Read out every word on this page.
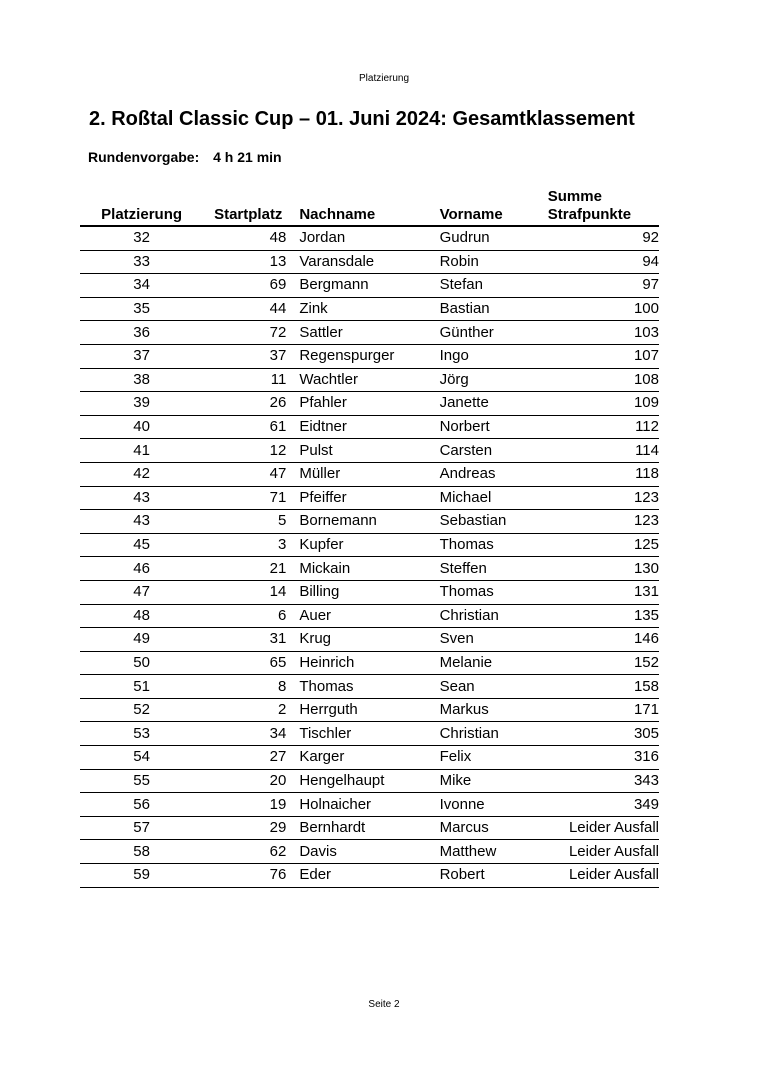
Platzierung
2. Roßtal Classic Cup – 01. Juni 2024: Gesamtklassement
Rundenvorgabe: 4 h 21 min
Platzierung	Startplatz	Nachname	Vorname	Summe
Strafpunkte
32	48	Jordan	Gudrun	92
33	13	Varansdale	Robin	94
34	69	Bergmann	Stefan	97
35	44	Zink	Bastian	100
36	72	Sattler	Günther	103
37	37	Regenspurger	Ingo	107
38	11	Wachtler	Jörg	108
39	26	Pfahler	Janette	109
40	61	Eidtner	Norbert	112
41	12	Pulst	Carsten	114
42	47	Müller	Andreas	118
43	71	Pfeiffer	Michael	123
43	5	Bornemann	Sebastian	123
45	3	Kupfer	Thomas	125
46	21	Mickain	Steffen	130
47	14	Billing	Thomas	131
48	6	Auer	Christian	135
49	31	Krug	Sven	146
50	65	Heinrich	Melanie	152
51	8	Thomas	Sean	158
52	2	Herrguth	Markus	171
53	34	Tischler	Christian	305
54	27	Karger	Felix	316
55	20	Hengelhaupt	Mike	343
56	19	Holnaicher	Ivonne	349
57	29	Bernhardt	Marcus	Leider Ausfall
58	62	Davis	Matthew	Leider Ausfall
59	76	Eder	Robert	Leider Ausfall
Seite 2
